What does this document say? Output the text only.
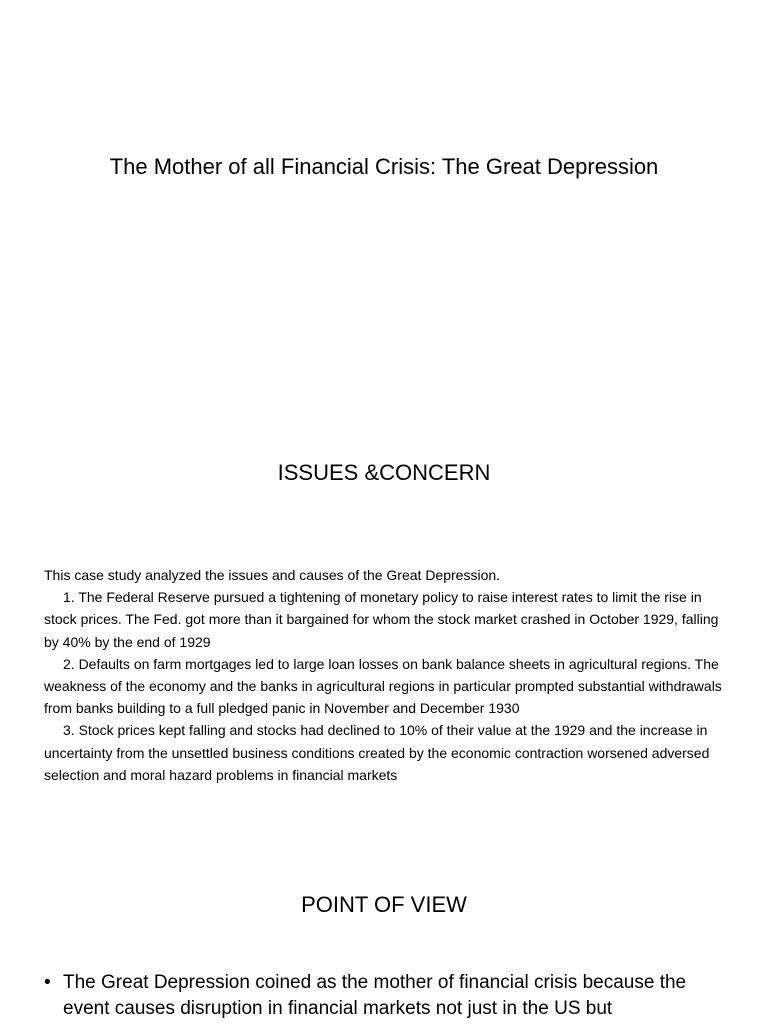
The Mother of all Financial Crisis: The Great Depression
ISSUES &CONCERN

This case study analyzed the issues and causes of the Great Depression.

1. The Federal Reserve pursued a tightening of monetary policy to raise interest rates to limit the rise in stock prices. The Fed. got more than it bargained for whom the stock market crashed in October 1929, falling by 40% by the end of 1929

2. Defaults on farm mortgages led to large loan losses on bank balance sheets in agricultural regions. The weakness of the economy and the banks in agricultural regions in particular prompted substantial withdrawals from banks building to a full pledged panic in November and December 1930

3. Stock prices kept falling and stocks had declined to 10% of their value at the 1929 and the increase in uncertainty from the unsettled business conditions created by the economic contraction worsened adversed selection and moral hazard problems in financial markets

POINT OF VIEW
• The Great Depression coined as the mother of financial crisis because the event causes disruption in financial markets not just in the US but
